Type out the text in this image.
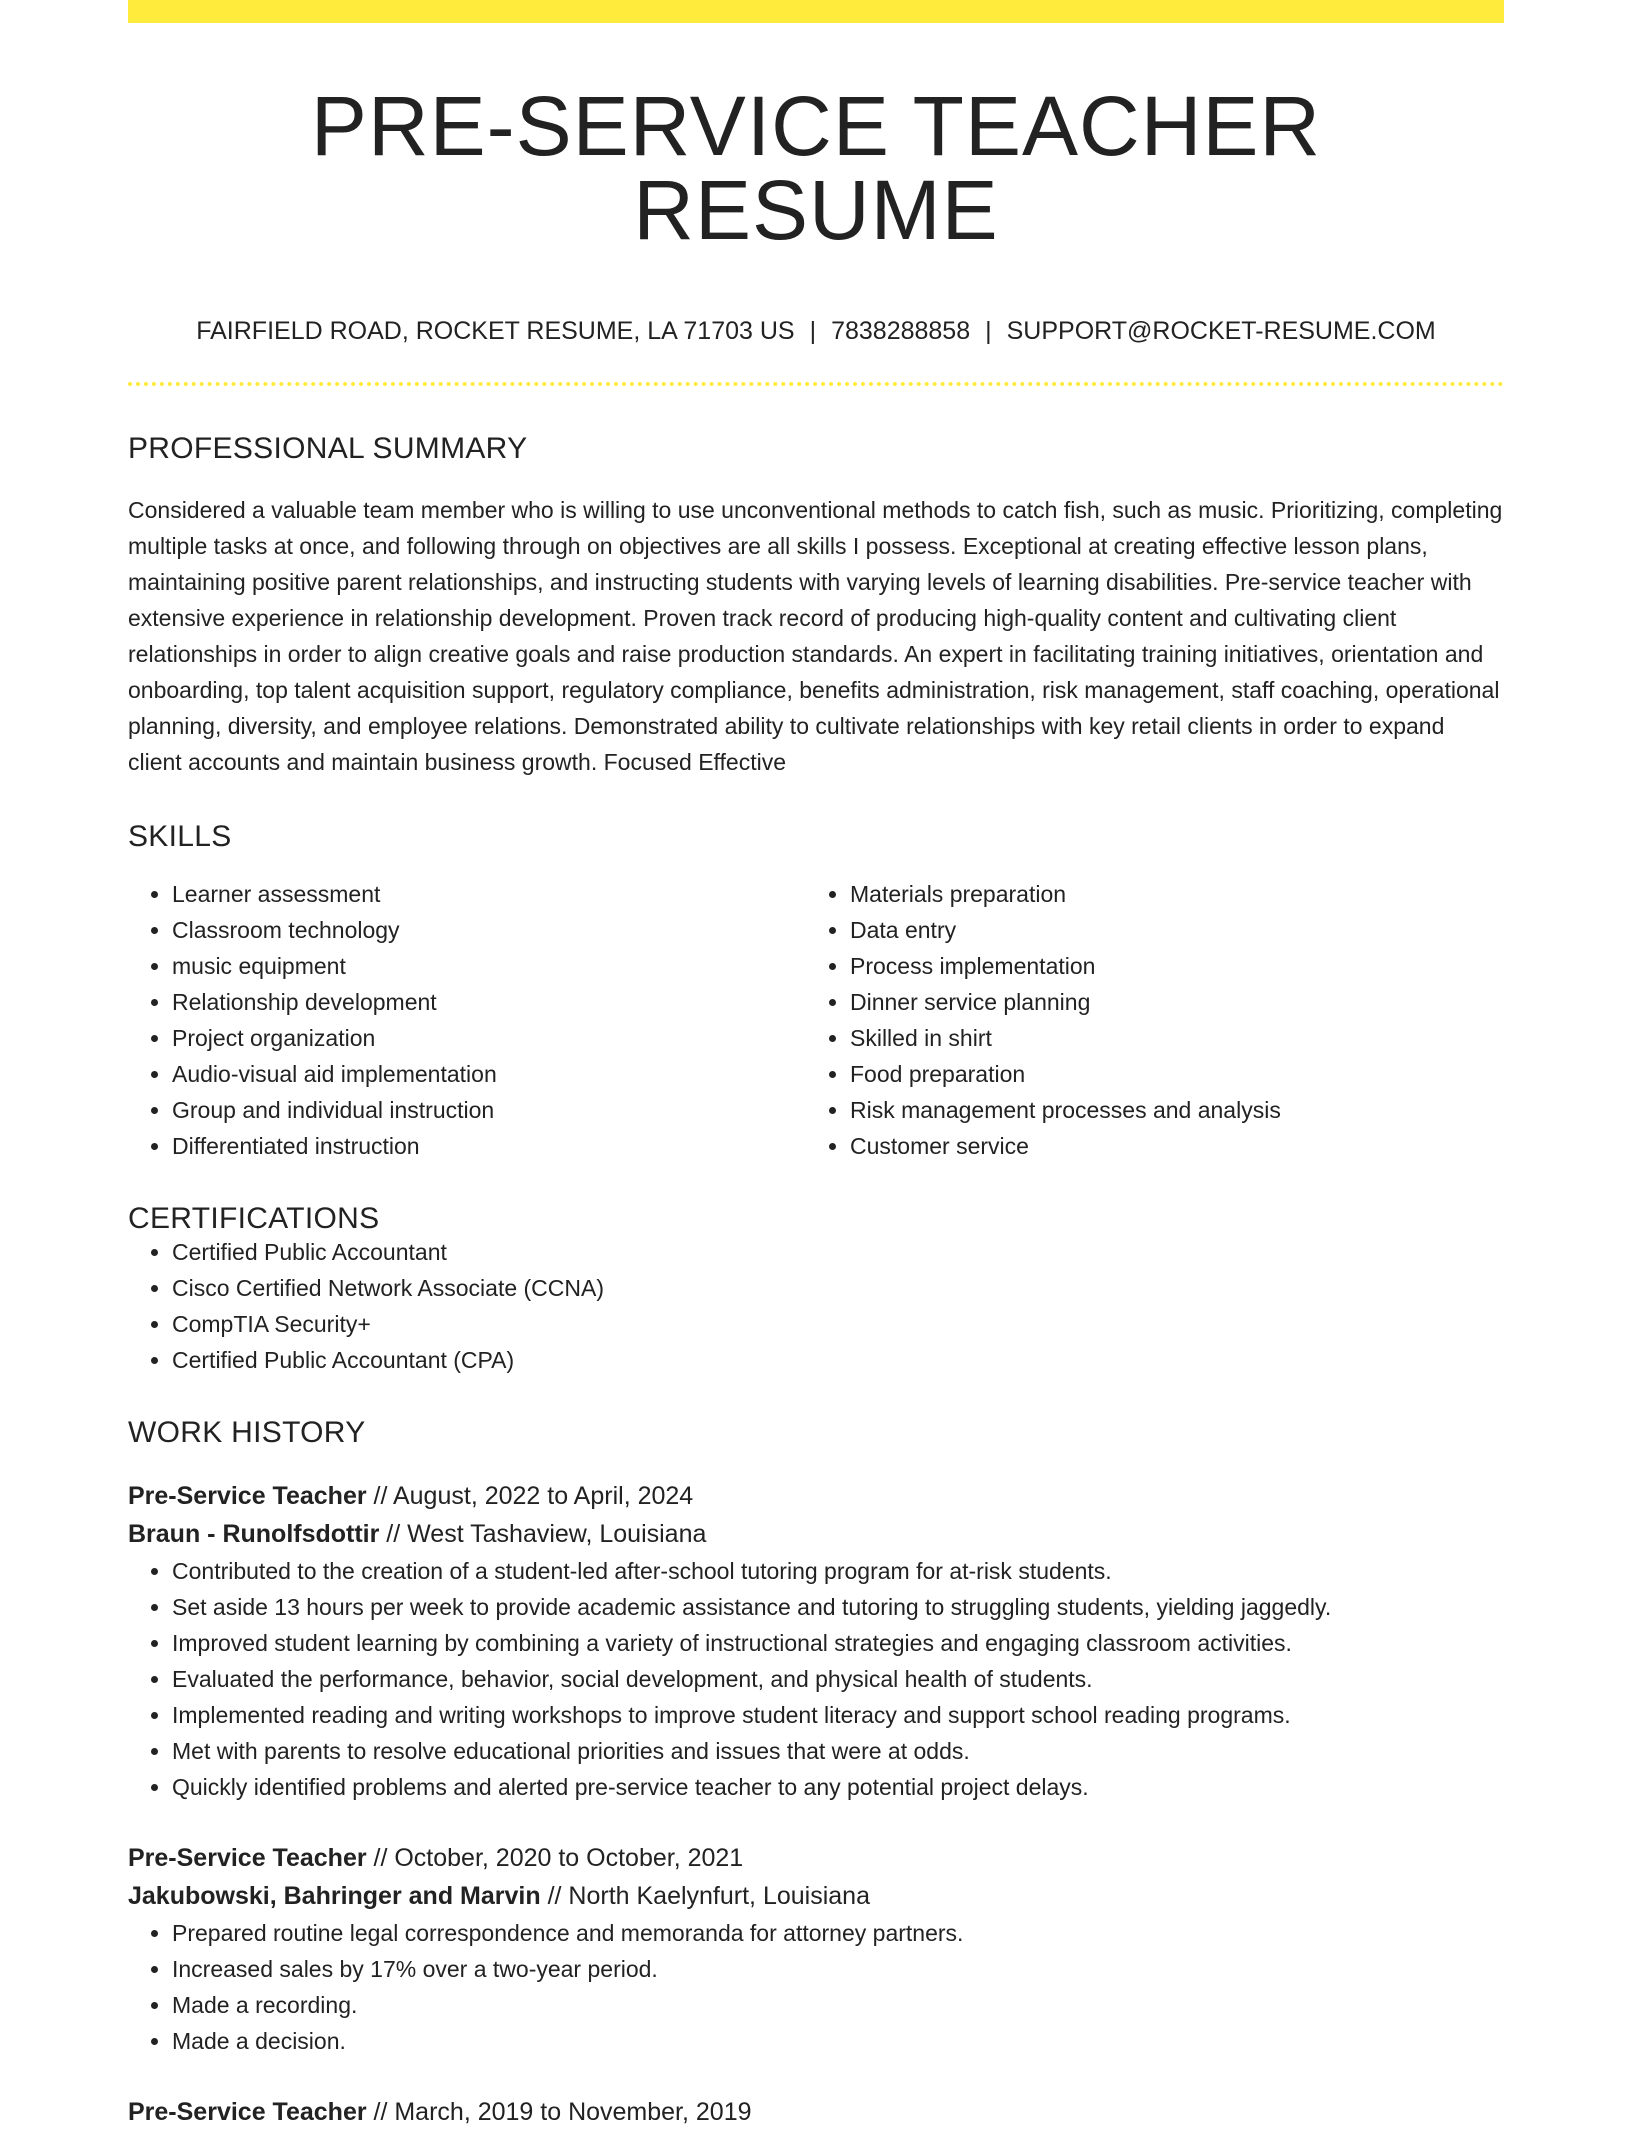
PRE-SERVICE TEACHER RESUME
FAIRFIELD ROAD, ROCKET RESUME, LA 71703 US | 7838288858 | SUPPORT@ROCKET-RESUME.COM
PROFESSIONAL SUMMARY

Considered a valuable team member who is willing to use unconventional methods to catch fish, such as music. Prioritizing, completing multiple tasks at once, and following through on objectives are all skills I possess. Exceptional at creating effective lesson plans, maintaining positive parent relationships, and instructing students with varying levels of learning disabilities. Pre-service teacher with extensive experience in relationship development. Proven track record of producing high-quality content and cultivating client relationships in order to align creative goals and raise production standards. An expert in facilitating training initiatives, orientation and onboarding, top talent acquisition support, regulatory compliance, benefits administration, risk management, staff coaching, operational planning, diversity, and employee relations. Demonstrated ability to cultivate relationships with key retail clients in order to expand client accounts and maintain business growth. Focused Effective

SKILLS
• Learner assessment
• Classroom technology
• music equipment
• Relationship development
• Project organization
• Audio-visual aid implementation
• Group and individual instruction
• Differentiated instruction
• Materials preparation
• Data entry
• Process implementation
• Dinner service planning
• Skilled in shirt
• Food preparation
• Risk management processes and analysis
• Customer service
CERTIFICATIONS
• Certified Public Accountant
• Cisco Certified Network Associate (CCNA)
• CompTIA Security+
• Certified Public Accountant (CPA)
WORK HISTORY
Pre-Service Teacher // August, 2022 to April, 2024
Braun - Runolfsdottir // West Tashaview, Louisiana
• Contributed to the creation of a student-led after-school tutoring program for at-risk students.
• Set aside 13 hours per week to provide academic assistance and tutoring to struggling students, yielding jaggedly.
• Improved student learning by combining a variety of instructional strategies and engaging classroom activities.
• Evaluated the performance, behavior, social development, and physical health of students.
• Implemented reading and writing workshops to improve student literacy and support school reading programs.
• Met with parents to resolve educational priorities and issues that were at odds.
• Quickly identified problems and alerted pre-service teacher to any potential project delays.
Pre-Service Teacher // October, 2020 to October, 2021
Jakubowski, Bahringer and Marvin // North Kaelynfurt, Louisiana
• Prepared routine legal correspondence and memoranda for attorney partners.
• Increased sales by 17% over a two-year period.
• Made a recording.
• Made a decision.
Pre-Service Teacher // March, 2019 to November, 2019
